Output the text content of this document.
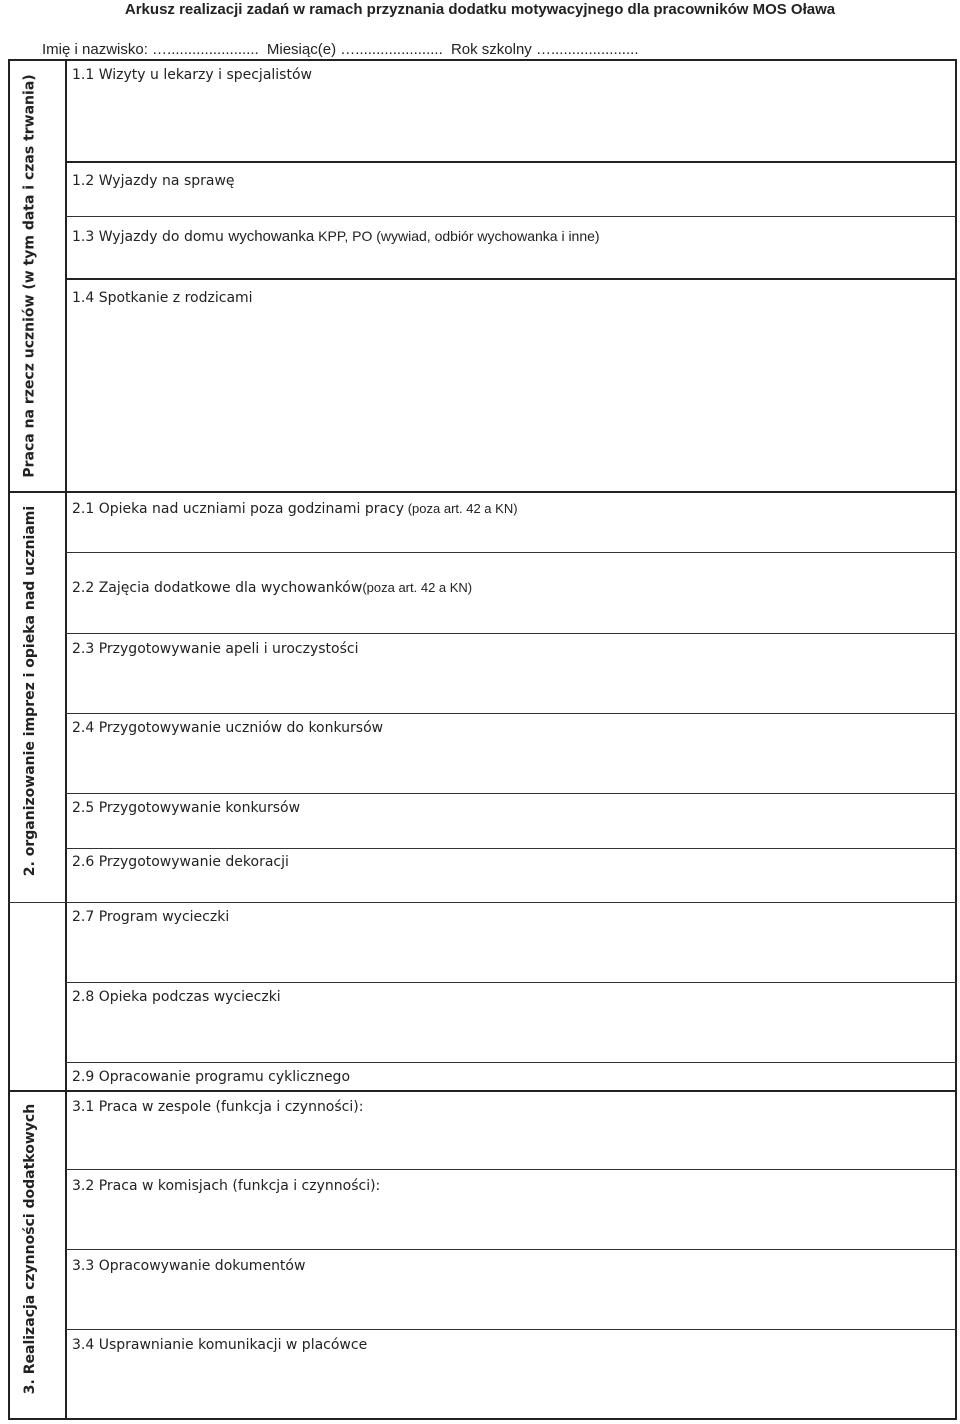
Arkusz realizacji zadań w ramach przyznania dodatku motywacyjnego dla pracowników MOS Oława
Imię i nazwisko: …...................... Miesiąc(e) …..................... Rok szkolny ….....................
Praca na rzecz uczniów (w tym data i czas trwania)
2. organizowanie imprez i opieka nad uczniami
3. Realizacja czynności dodatkowych
1.1 Wizyty u lekarzy i specjalistów
1.2 Wyjazdy na sprawę
1.3 Wyjazdy do domu wychowanka KPP, PO (wywiad, odbiór wychowanka i inne)
1.4 Spotkanie z rodzicami
2.1 Opieka nad uczniami poza godzinami pracy (poza art. 42 a KN)
2.2 Zajęcia dodatkowe dla wychowanków(poza art. 42 a KN)
2.3 Przygotowywanie apeli i uroczystości
2.4 Przygotowywanie uczniów do konkursów
2.5 Przygotowywanie konkursów
2.6 Przygotowywanie dekoracji
2.7 Program wycieczki
2.8 Opieka podczas wycieczki
2.9 Opracowanie programu cyklicznego
3.1 Praca w zespole (funkcja i czynności):
3.2 Praca w komisjach (funkcja i czynności):
3.3 Opracowywanie dokumentów
3.4 Usprawnianie komunikacji w placówce
